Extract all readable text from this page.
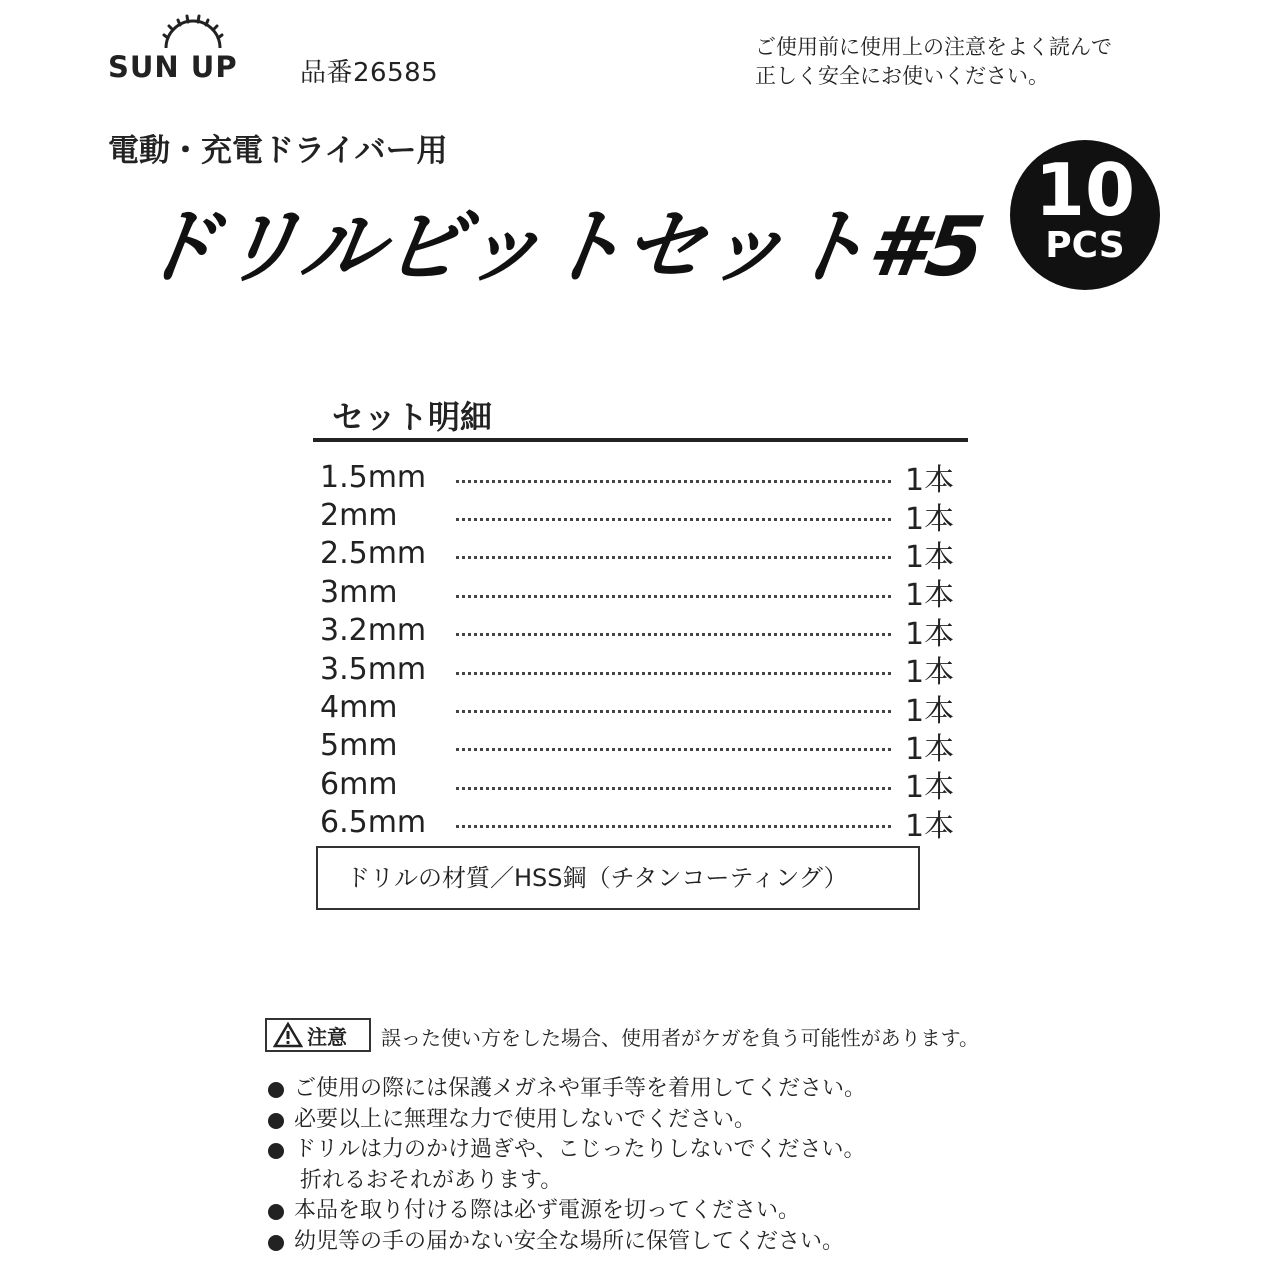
SUN UP 品番26585
ご使用前に使用上の注意をよく読んで
正しく安全にお使いください。
電動・充電ドライバー用
ドリルビットセット#5
10
PCS
セット明細
1.5mm	1本
2mm	1本
2.5mm	1本
3mm	1本
3.2mm	1本
3.5mm	1本
4mm	1本
5mm	1本
6mm	1本
6.5mm	1本
ドリルの材質／HSS鋼（チタンコーティング）
注意 誤った使い方をした場合、使用者がケガを負う可能性があります。
ご使用の際には保護メガネや軍手等を着用してください。
必要以上に無理な力で使用しないでください。
ドリルは力のかけ過ぎや、こじったりしないでください。
折れるおそれがあります。
本品を取り付ける際は必ず電源を切ってください。
幼児等の手の届かない安全な場所に保管してください。
